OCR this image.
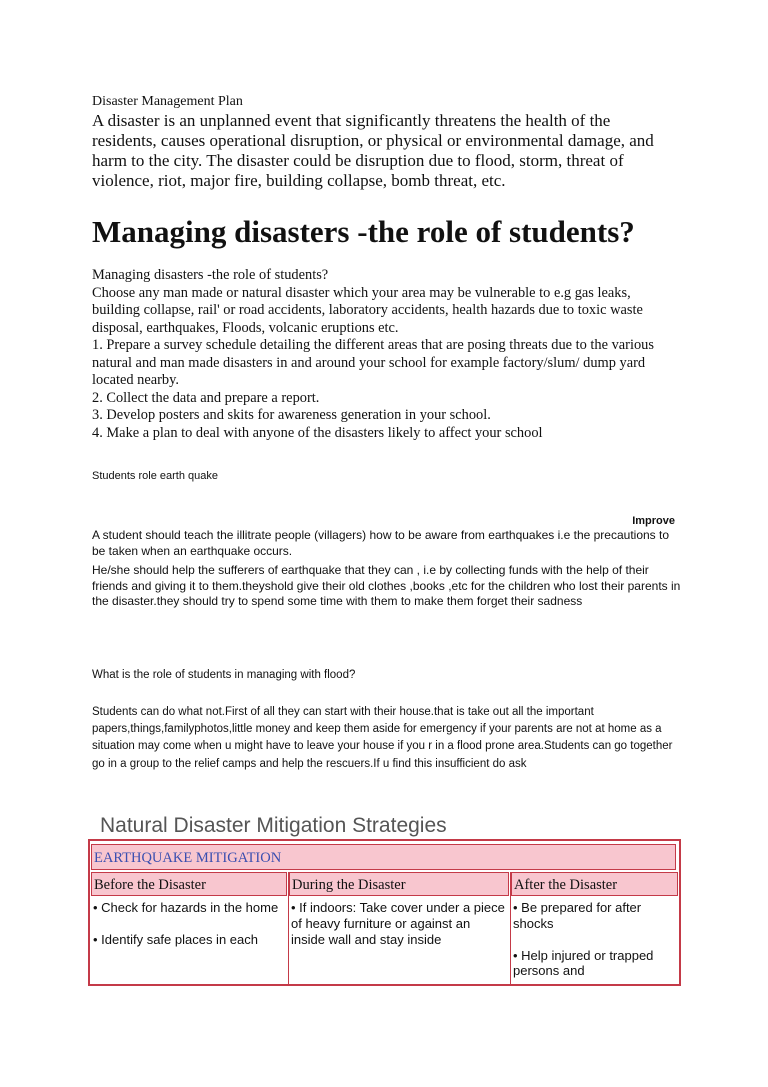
Disaster Management Plan
A disaster is an unplanned event that significantly threatens the health of the residents, causes operational disruption, or physical or environmental damage, and harm to the city. The disaster could be disruption due to flood, storm, threat of violence, riot, major fire, building collapse, bomb threat, etc.
Managing disasters -the role of students?
Managing disasters -the role of students?
Choose any man made or natural disaster which your area may be vulnerable to e.g gas leaks, building collapse, rail' or road accidents, laboratory accidents, health hazards due to toxic waste disposal, earthquakes, Floods, volcanic eruptions etc.
1. Prepare a survey schedule detailing the different areas that are posing threats due to the various natural and man made disasters in and around your school for example factory/slum/ dump yard located nearby.
2. Collect the data and prepare a report.
3. Develop posters and skits for awareness generation in your school.
4. Make a plan to deal with anyone of the disasters likely to affect your school
Students role earth quake
Improve
A student should teach the illitrate people (villagers) how to be aware from earthquakes i.e the precautions to be taken when an earthquake occurs.
He/she should help the sufferers of earthquake that they can , i.e by collecting funds with the help of their friends and giving it to them.theyshold give their old clothes ,books ,etc for the children who lost their parents in the disaster.they should try to spend some time with them to make them forget their sadness
What is the role of students in managing with flood?
Students can do what not.First of all they can start with their house.that is take out all the important papers,things,familyphotos,little money and keep them aside for emergency if your parents are not at home as a situation may come when u might have to leave your house if you r in a flood prone area.Students can go together go in a group to the relief camps and help the rescuers.If u find this insufficient do ask
Natural Disaster Mitigation Strategies
EARTHQUAKE MITIGATION
Before the Disaster	During the Disaster	After the Disaster

• Check for hazards in the home

• Identify safe places in each

• If indoors: Take cover under a piece of heavy furniture or against an inside wall and stay inside

• Be prepared for after shocks

• Help injured or trapped persons and
